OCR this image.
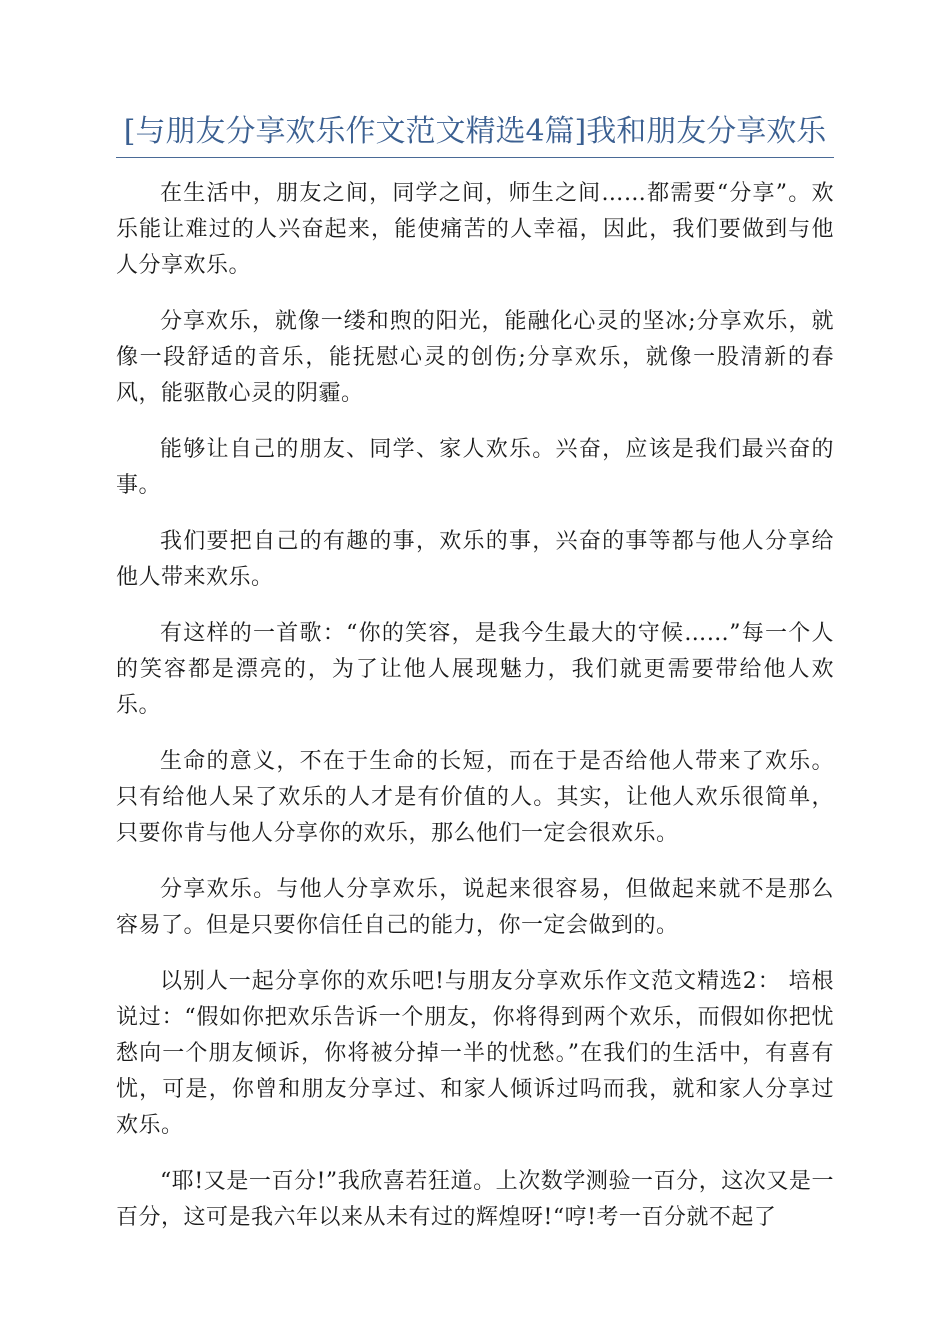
[与朋友分享欢乐作文范文精选4篇]我和朋友分享欢乐

在生活中，朋友之间，同学之间，师生之间……都需要“分享”。欢乐能让难过的人兴奋起来，能使痛苦的人幸福，因此，我们要做到与他人分享欢乐。

分享欢乐，就像一缕和煦的阳光，能融化心灵的坚冰;分享欢乐，就像一段舒适的音乐，能抚慰心灵的创伤;分享欢乐，就像一股清新的春风，能驱散心灵的阴霾。

能够让自己的朋友、同学、家人欢乐。兴奋，应该是我们最兴奋的事。

我们要把自己的有趣的事，欢乐的事，兴奋的事等都与他人分享给他人带来欢乐。

有这样的一首歌：“你的笑容，是我今生最大的守候……”每一个人的笑容都是漂亮的，为了让他人展现魅力，我们就更需要带给他人欢乐。

生命的意义，不在于生命的长短，而在于是否给他人带来了欢乐。只有给他人呆了欢乐的人才是有价值的人。其实，让他人欢乐很简单，只要你肯与他人分享你的欢乐，那么他们一定会很欢乐。

分享欢乐。与他人分享欢乐，说起来很容易，但做起来就不是那么容易了。但是只要你信任自己的能力，你一定会做到的。

以别人一起分享你的欢乐吧!与朋友分享欢乐作文范文精选2： 培根说过：“假如你把欢乐告诉一个朋友，你将得到两个欢乐，而假如你把忧愁向一个朋友倾诉，你将被分掉一半的忧愁。”在我们的生活中，有喜有忧，可是，你曾和朋友分享过、和家人倾诉过吗而我，就和家人分享过欢乐。

“耶!又是一百分!”我欣喜若狂道。上次数学测验一百分，这次又是一百分，这可是我六年以来从未有过的辉煌呀!“哼!考一百分就不起了
